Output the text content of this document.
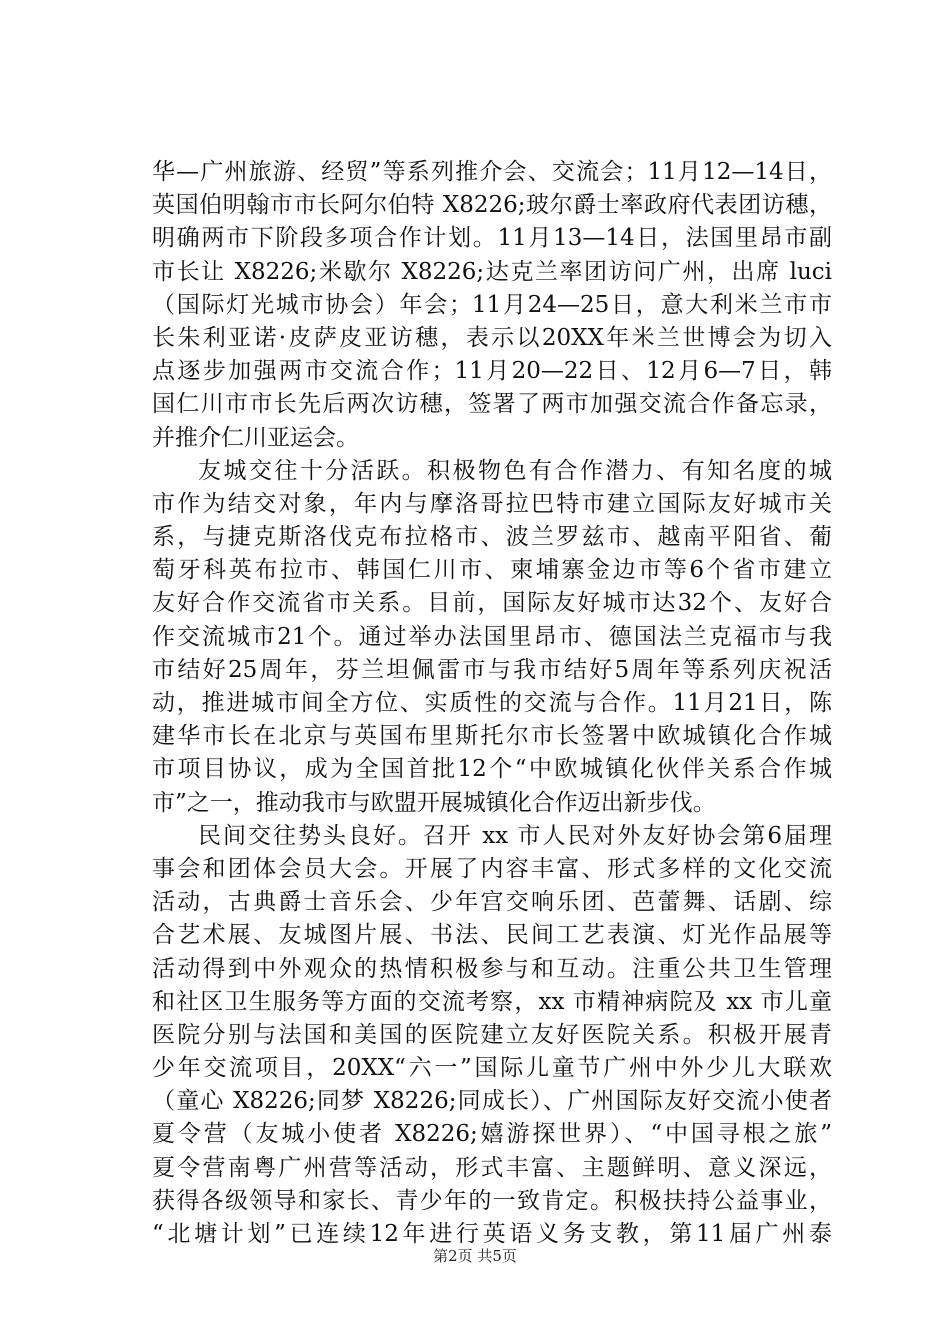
华—广州旅游、经贸”等系列推介会、交流会；11月12—14日，
英国伯明翰市市长阿尔伯特 X8226;玻尔爵士率政府代表团访穗，
明确两市下阶段多项合作计划。11月13—14日，法国里昂市副
市长让 X8226;米歇尔 X8226;达克兰率团访问广州，出席 luci
（国际灯光城市协会）年会；11月24—25日，意大利米兰市市
长朱利亚诺·皮萨皮亚访穗，表示以20XX年米兰世博会为切入
点逐步加强两市交流合作；11月20—22日、12月6—7日，韩
国仁川市市长先后两次访穗，签署了两市加强交流合作备忘录，
并推介仁川亚运会。
友城交往十分活跃。积极物色有合作潜力、有知名度的城
市作为结交对象，年内与摩洛哥拉巴特市建立国际友好城市关
系，与捷克斯洛伐克布拉格市、波兰罗兹市、越南平阳省、葡
萄牙科英布拉市、韩国仁川市、柬埔寨金边市等6个省市建立
友好合作交流省市关系。目前，国际友好城市达32个、友好合
作交流城市21个。通过举办法国里昂市、德国法兰克福市与我
市结好25周年，芬兰坦佩雷市与我市结好5周年等系列庆祝活
动，推进城市间全方位、实质性的交流与合作。11月21日，陈
建华市长在北京与英国布里斯托尔市长签署中欧城镇化合作城
市项目协议，成为全国首批12个“中欧城镇化伙伴关系合作城
市”之一，推动我市与欧盟开展城镇化合作迈出新步伐。
民间交往势头良好。召开 xx 市人民对外友好协会第6届理
事会和团体会员大会。开展了内容丰富、形式多样的文化交流
活动，古典爵士音乐会、少年宫交响乐团、芭蕾舞、话剧、综
合艺术展、友城图片展、书法、民间工艺表演、灯光作品展等
活动得到中外观众的热情积极参与和互动。注重公共卫生管理
和社区卫生服务等方面的交流考察，xx 市精神病院及 xx 市儿童
医院分别与法国和美国的医院建立友好医院关系。积极开展青
少年交流项目，20XX“六一”国际儿童节广州中外少儿大联欢
（童心 X8226;同梦 X8226;同成长）、广州国际友好交流小使者
夏令营（友城小使者 X8226;嬉游探世界）、“中国寻根之旅”
夏令营南粤广州营等活动，形式丰富、主题鲜明、意义深远，
获得各级领导和家长、青少年的一致肯定。积极扶持公益事业，
“北塘计划”已连续12年进行英语义务支教，第11届广州泰
第2页 共5页
